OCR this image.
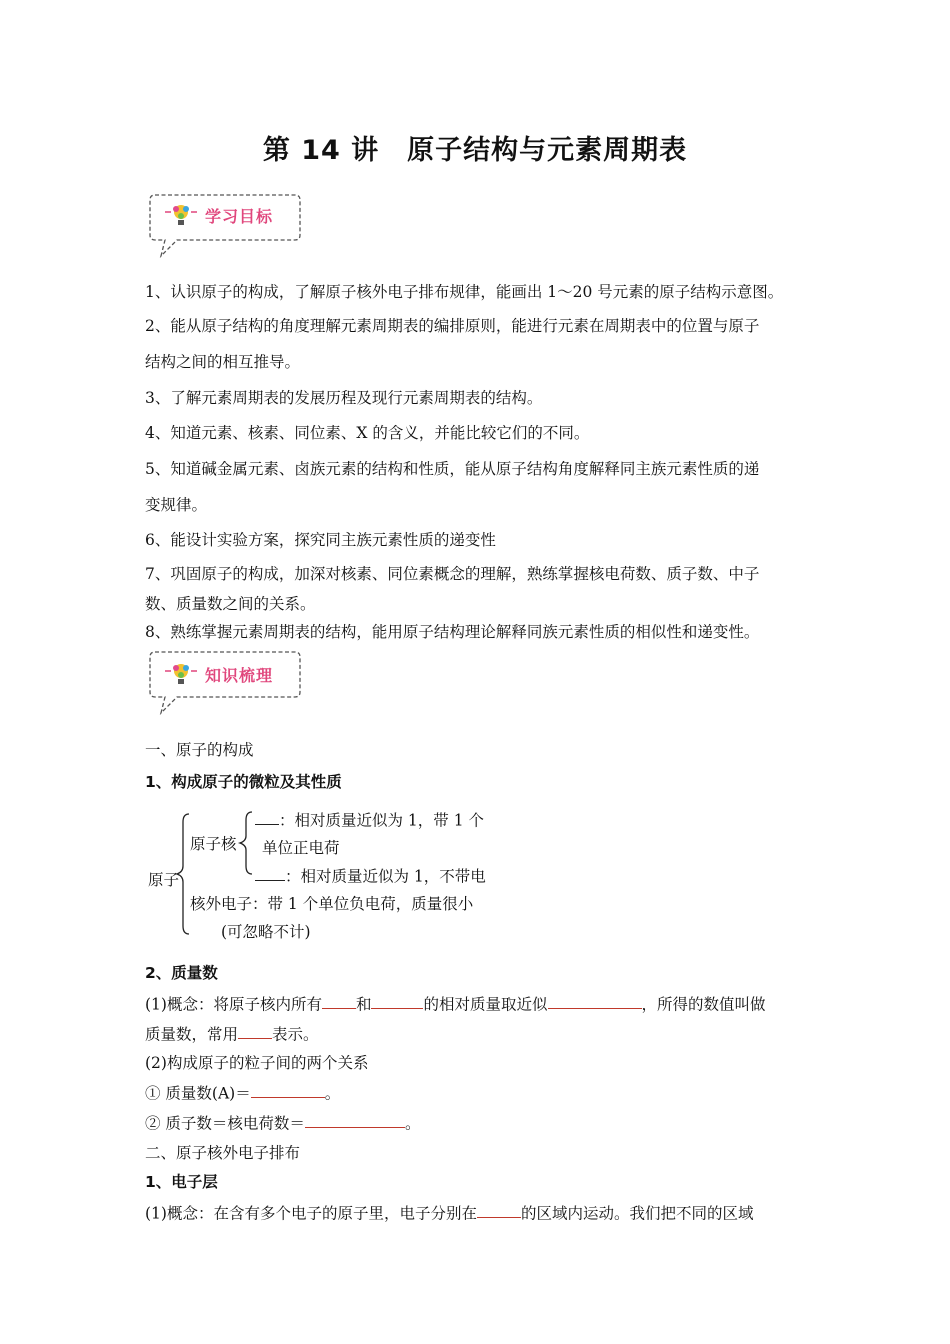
第 14 讲　原子结构与元素周期表
学习目标
1、认识原子的构成，了解原子核外电子排布规律，能画出 1～20 号元素的原子结构示意图。
2、能从原子结构的角度理解元素周期表的编排原则，能进行元素在周期表中的位置与原子
结构之间的相互推导。
3、了解元素周期表的发展历程及现行元素周期表的结构。
4、知道元素、核素、同位素、X 的含义，并能比较它们的不同。
5、知道碱金属元素、卤族元素的结构和性质，能从原子结构角度解释同主族元素性质的递
变规律。
6、能设计实验方案，探究同主族元素性质的递变性
7、巩固原子的构成，加深对核素、同位素概念的理解，熟练掌握核电荷数、质子数、中子
数、质量数之间的关系。
8、熟练掌握元素周期表的结构，能用原子结构理论解释同族元素性质的相似性和递变性。
知识梳理
一、原子的构成
1、构成原子的微粒及其性质
原子
原子核
：相对质量近似为 1，带 1 个
单位正电荷
：相对质量近似为 1，不带电
核外电子：带 1 个单位负电荷，质量很小
(可忽略不计)
2、质量数
(1)概念：将原子核内所有 和	的相对质量取近似	，所得的数值叫做
质量数，常用 表示。
(2)构成原子的粒子间的两个关系
① 质量数(A)＝	。
② 质子数＝核电荷数＝	。
二、原子核外电子排布
1、电子层
(1)概念：在含有多个电子的原子里，电子分别在	的区域内运动。我们把不同的区域
